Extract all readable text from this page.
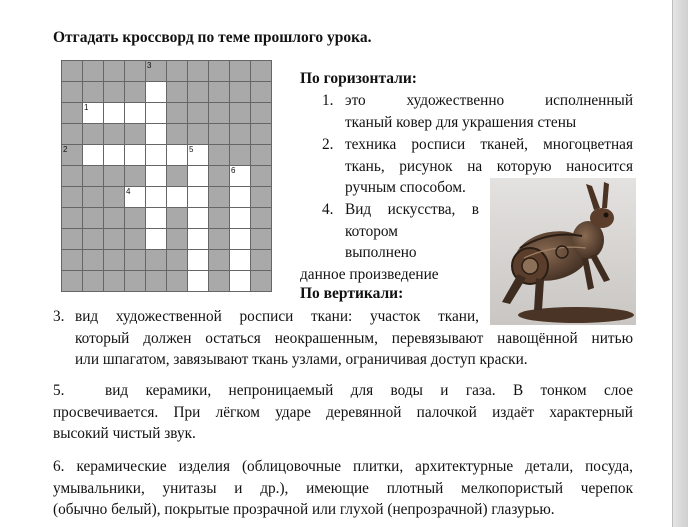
Отгадать кроссворд по теме прошлого урока.
3
1
2	5
6
4
По горизонтали:
1. это художественно исполненный
тканый ковер для украшения стены
2. техника росписи тканей, многоцветная
ткань, рисунок на которую наносится
ручным способом.
4. Вид искусства, в
котором
выполнено
данное произведение
По вертикали:
3. вид художественной росписи ткани: участок ткани,
который должен остаться неокрашенным, перевязывают навощённой нитью
или шпагатом, завязывают ткань узлами, ограничивая доступ краски.
5.	вид керамики, непроницаемый для воды и газа. В тонком слое
просвечивается. При лёгком ударе деревянной палочкой издаёт характерный
высокий чистый звук.
6. керамические изделия (облицовочные плитки, архитектурные детали, посуда,
умывальники, унитазы и др.), имеющие плотный мелкопористый черепок
(обычно белый), покрытые прозрачной или глухой (непрозрачной) глазурью.
